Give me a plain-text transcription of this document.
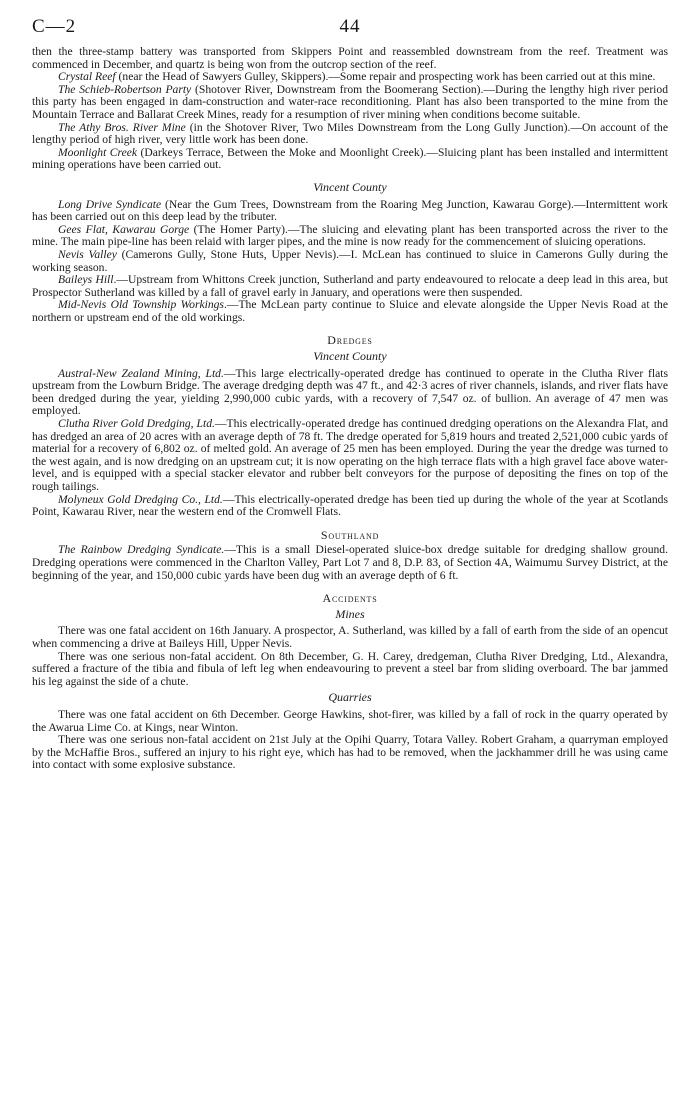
C—2	44

then the three-stamp battery was transported from Skippers Point and reassembled downstream from the reef. Treatment was commenced in December, and quartz is being won from the outcrop section of the reef.

Crystal Reef (near the Head of Sawyers Gulley, Skippers).—Some repair and prospecting work has been carried out at this mine.

The Schieb-Robertson Party (Shotover River, Downstream from the Boomerang Section).—During the lengthy high river period this party has been engaged in dam-construction and water-race reconditioning. Plant has also been transported to the mine from the Mountain Terrace and Ballarat Creek Mines, ready for a resumption of river mining when conditions become suitable.

The Athy Bros. River Mine (in the Shotover River, Two Miles Downstream from the Long Gully Junction).—On account of the lengthy period of high river, very little work has been done.

Moonlight Creek (Darkeys Terrace, Between the Moke and Moonlight Creek).—Sluicing plant has been installed and intermittent mining operations have been carried out.

Vincent County

Long Drive Syndicate (Near the Gum Trees, Downstream from the Roaring Meg Junction, Kawarau Gorge).—Intermittent work has been carried out on this deep lead by the tributer.

Gees Flat, Kawarau Gorge (The Homer Party).—The sluicing and elevating plant has been transported across the river to the mine. The main pipe-line has been relaid with larger pipes, and the mine is now ready for the commencement of sluicing operations.

Nevis Valley (Camerons Gully, Stone Huts, Upper Nevis).—I. McLean has continued to sluice in Camerons Gully during the working season.

Baileys Hill.—Upstream from Whittons Creek junction, Sutherland and party endeavoured to relocate a deep lead in this area, but Prospector Sutherland was killed by a fall of gravel early in January, and operations were then suspended.

Mid-Nevis Old Township Workings.—The McLean party continue to Sluice and elevate alongside the Upper Nevis Road at the northern or upstream end of the old workings.

Dredges
Vincent County

Austral-New Zealand Mining, Ltd.—This large electrically-operated dredge has continued to operate in the Clutha River flats upstream from the Lowburn Bridge. The average dredging depth was 47 ft., and 42·3 acres of river channels, islands, and river flats have been dredged during the year, yielding 2,990,000 cubic yards, with a recovery of 7,547 oz. of bullion. An average of 47 men was employed.

Clutha River Gold Dredging, Ltd.—This electrically-operated dredge has continued dredging operations on the Alexandra Flat, and has dredged an area of 20 acres with an average depth of 78 ft. The dredge operated for 5,819 hours and treated 2,521,000 cubic yards of material for a recovery of 6,802 oz. of melted gold. An average of 25 men has been employed. During the year the dredge was turned to the west again, and is now dredging on an upstream cut; it is now operating on the high terrace flats with a high gravel face above water-level, and is equipped with a special stacker elevator and rubber belt conveyors for the purpose of depositing the fines on top of the rough tailings.

Molyneux Gold Dredging Co., Ltd.—This electrically-operated dredge has been tied up during the whole of the year at Scotlands Point, Kawarau River, near the western end of the Cromwell Flats.

Southland

The Rainbow Dredging Syndicate.—This is a small Diesel-operated sluice-box dredge suitable for dredging shallow ground. Dredging operations were commenced in the Charlton Valley, Part Lot 7 and 8, D.P. 83, of Section 4A, Waimumu Survey District, at the beginning of the year, and 150,000 cubic yards have been dug with an average depth of 6 ft.

Accidents
Mines

There was one fatal accident on 16th January. A prospector, A. Sutherland, was killed by a fall of earth from the side of an opencut when commencing a drive at Baileys Hill, Upper Nevis.

There was one serious non-fatal accident. On 8th December, G. H. Carey, dredgeman, Clutha River Dredging, Ltd., Alexandra, suffered a fracture of the tibia and fibula of left leg when endeavouring to prevent a steel bar from sliding overboard. The bar jammed his leg against the side of a chute.

Quarries

There was one fatal accident on 6th December. George Hawkins, shot-firer, was killed by a fall of rock in the quarry operated by the Awarua Lime Co. at Kings, near Winton.

There was one serious non-fatal accident on 21st July at the Opihi Quarry, Totara Valley. Robert Graham, a quarryman employed by the McHaffie Bros., suffered an injury to his right eye, which has had to be removed, when the jackhammer drill he was using came into contact with some explosive substance.
